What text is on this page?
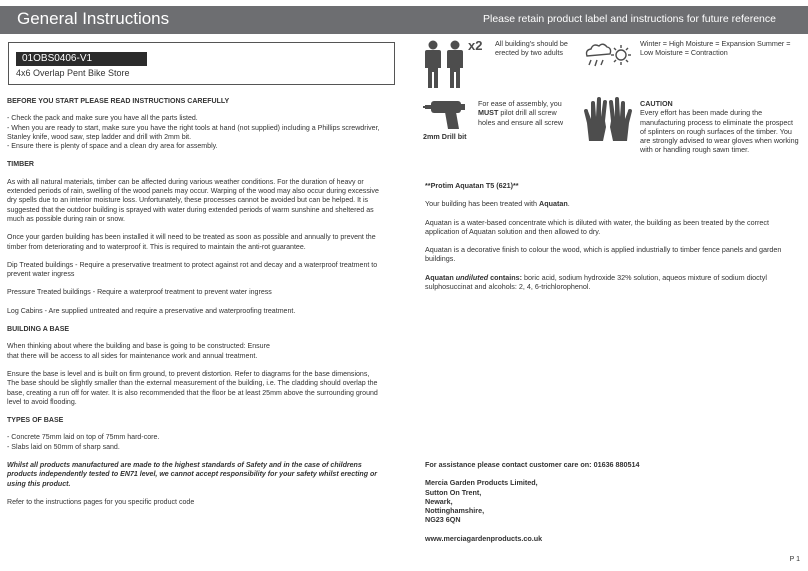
General Instructions	Please retain product label and instructions for future reference
01OBS0406-V1
4x6 Overlap Pent Bike Store

BEFORE YOU START PLEASE READ INSTRUCTIONS CAREFULLY

- Check the pack and make sure you have all the parts listed.

- When you are ready to start, make sure you have the right tools at hand (not supplied) including a Phillips screwdriver, Stanley knife, wood saw, step ladder and drill with 2mm bit.

- Ensure there is plenty of space and a clean dry area for assembly.

TIMBER

As with all natural materials, timber can be affected during various weather conditions. For the duration of heavy or extended periods of rain, swelling of the wood panels may occur. Warping of the wood may also occur during excessive dry spells due to an interior moisture loss. Unfortunately, these processes cannot be avoided but can be helped. It is suggested that the outdoor building is sprayed with water during extended periods of warm sunshine and sheltered as much as possible during rain or snow.

Once your garden building has been installed it will need to be treated as soon as possible and annually to prevent the timber from deteriorating and to waterproof it. This is required to maintain the anti-rot guarantee.

Dip Treated buildings - Require a preservative treatment to protect against rot and decay and a waterproof treatment to prevent water ingress

Pressure Treated buildings - Require a waterproof treatment to prevent water ingress

Log Cabins - Are supplied untreated and require a preservative and waterproofing treatment.

BUILDING A BASE

When thinking about where the building and base is going to be constructed: Ensure that there will be access to all sides for maintenance work and annual treatment.

Ensure the base is level and is built on firm ground, to prevent distortion. Refer to diagrams for the base dimensions, The base should be slightly smaller than the external measurement of the building, i.e. The cladding should overlap the base, creating a run off for water. It is also recommended that the floor be at least 25mm above the surrounding ground level to avoid flooding.

TYPES OF BASE

- Concrete 75mm laid on top of 75mm hard-core.

- Slabs laid on 50mm of sharp sand.

Whilst all products manufactured are made to the highest standards of Safety and in the case of childrens products independently tested to EN71 level, we cannot accept responsibility for your safety whilst erecting or using this product.

Refer to the instructions pages for you specific product code

x2 All building's should be erected by two adults
Winter = High Moisture = Expansion Summer = Low Moisture = Contraction
2mm Drill bit
For ease of assembly, you MUST pilot drill all screw holes and ensure all screw
CAUTION
Every effort has been made during the manufacturing process to eliminate the prospect of splinters on rough surfaces of the timber. You are strongly advised to wear gloves when working with or handling rough sawn timer.

**Protim Aquatan T5 (621)**

Your building has been treated with Aquatan.

Aquatan is a water-based concentrate which is diluted with water, the building as been treated by the correct application of Aquatan solution and then allowed to dry.

Aquatan is a decorative finish to colour the wood, which is applied industrially to timber fence panels and garden buildings.

Aquatan undiluted contains: boric acid, sodium hydroxide 32% solution, aqueos mixture of sodium dioctyl sulphosuccinat and alcohols: 2, 4, 6-trichlorophenol.

For assistance please contact customer care on: 01636 880514

Mercia Garden Products Limited,

Sutton On Trent,

Newark,

Nottinghamshire,

NG23 6QN

www.merciagardenproducts.co.uk

P 1
